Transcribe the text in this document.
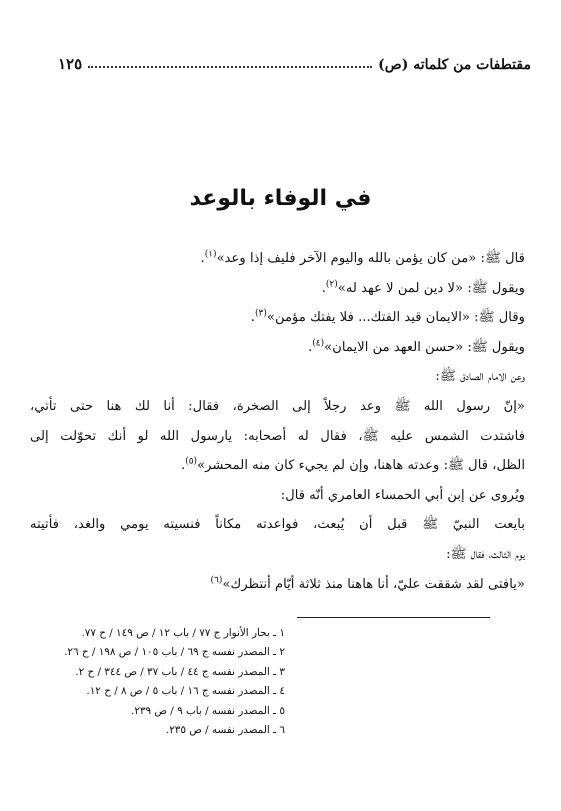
١٢٥	مقتطفات من كلماته (ص)
في الوفاء بالوعد

قال ﷺ: «من كان يؤمن بالله واليوم الآخر فليف إذا وعد»$^{(١)}$.

ويقول ﷺ: «لا دين لمن لا عهد له»$^{(٢)}$.

وقال ﷺ: «الايمان قيد الفتك... فلا يفتك مؤمن»$^{(٣)}$.

ويقول ﷺ: «حسن العهد من الايمان»$^{(٤)}$.

وعن الامام الصادق ﷺ:

«إنّ رسول الله ﷺ وعد رجلاً إلى الصخرة، فقال: أنا لك هنا حتى تأتي،

فاشتدت الشمس عليه ﷺ، فقال له أصحابه: يارسول الله لو أنك تحوّلت إلى

الظل، قال ﷺ: وعدته هاهنا، وإن لم يجيء كان منه المحشر»$^{(٥)}$.

ويُروى عن إبن أبي الحمساء العامري أنّه قال:

بايعت النبيّ ﷺ قبل أن يُبعث، فواعدته مكاناً فنسيته يومي والغد، فأتيته

يوم الثالث، فقال ﷺ:

«يافتى لقد شققت عليّ، أنا هاهنا منذ ثلاثة أيّام أنتظرك»$^{(٦)}$

١ ـ بحار الأنوار ج ٧٧ / باب ١٢ / ص ١٤٩ / ح ٧٧.

٢ ـ المصدر نفسه ج ٦٩ / باب ١٠٥ / ص ١٩٨ / ح ٢٦.

٣ ـ المصدر نفسه ج ٤٤ / باب ٣٧ / ص ٣٤٤ / ح ٢.

٤ ـ المصدر نفسه ج ١٦ / باب ٥ / ص ٨ / ح ١٢.

٥ ـ المصدر نفسه / باب ٩ / ص ٢٣٩.

٦ ـ المصدر نفسه / ص ٢٣٥.
